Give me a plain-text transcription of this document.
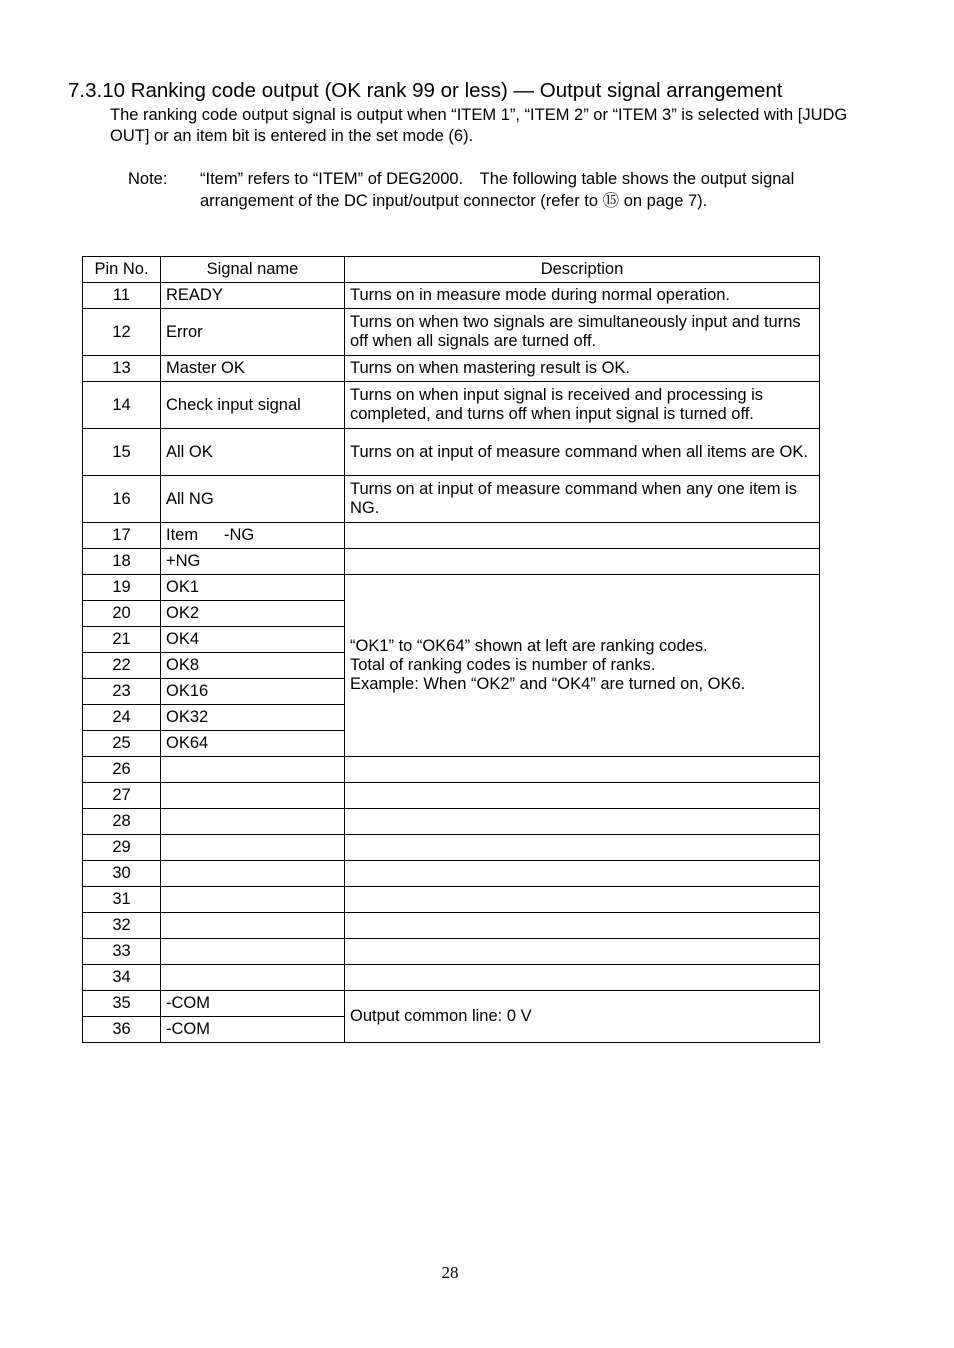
7.3.10 Ranking code output (OK rank 99 or less) — Output signal arrangement
The ranking code output signal is output when “ITEM 1”, “ITEM 2” or “ITEM 3” is selected with [JUDG OUT] or an item bit is entered in the set mode (6).
Note: “Item” refers to “ITEM” of DEG2000.　The following table shows the output signal arrangement of the DC input/output connector (refer to ⑮ on page 7).
Pin No.	Signal name	Description
11	READY	Turns on in measure mode during normal operation.
12	Error	Turns on when two signals are simultaneously input and turns off when all signals are turned off.
13	Master OK	Turns on when mastering result is OK.
14	Check input signal	Turns on when input signal is received and processing is completed, and turns off when input signal is turned off.
15	All OK	Turns on at input of measure command when all items are OK.
16	All NG	Turns on at input of measure command when any one item is NG.
17	Item -NG	
18	+NG	
19	OK1	“OK1” to “OK64” shown at left are ranking codes.
Total of ranking codes is number of ranks.
Example: When “OK2” and “OK4” are turned on, OK6.

20	OK2	
21	OK4	
22	OK8	
23	OK16	
24	OK32	
25	OK64	
26		
27		
28		
29		
30		
31		
32		
33		
34		
35	-COM	Output common line: 0 V
36	-COM	
28
